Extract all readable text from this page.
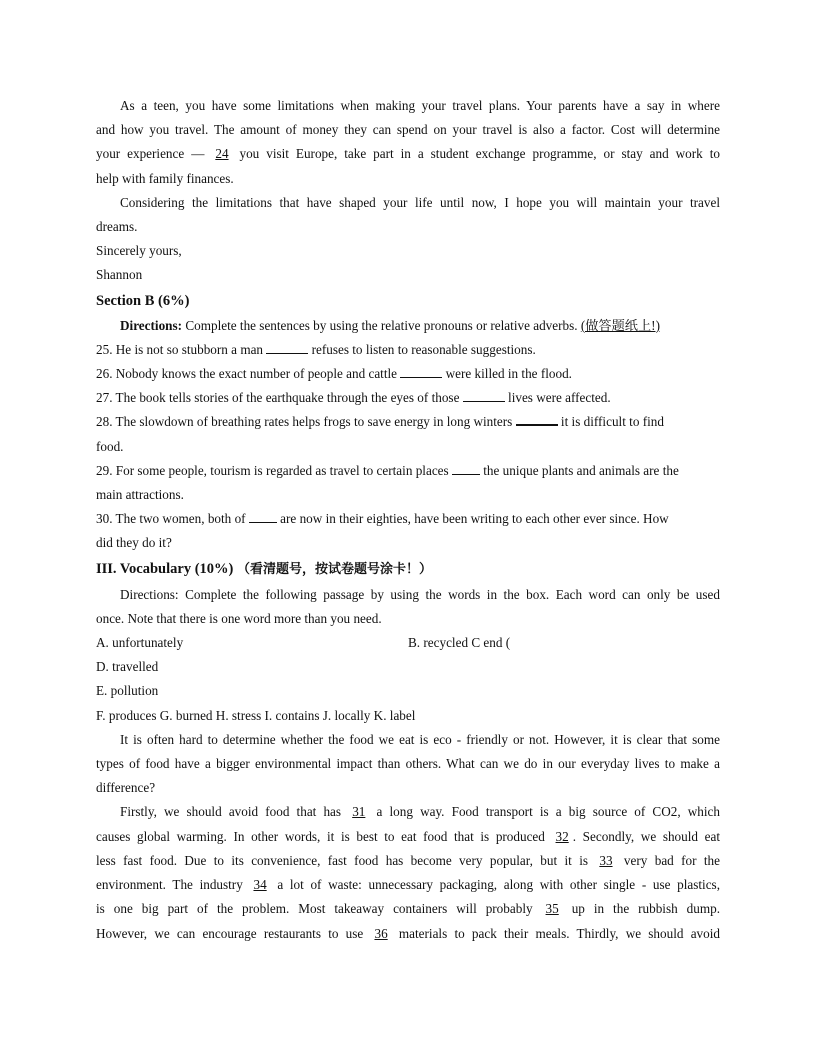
As a teen, you have some limitations when making your travel plans. Your parents have a say in where

and how you travel. The amount of money they can spend on your travel is also a factor. Cost will determine

your experience — 24 you visit Europe, take part in a student exchange programme, or stay and work to

help with family finances.

Considering the limitations that have shaped your life until now, I hope you will maintain your travel

dreams.

Sincerely yours,

Shannon

Section B (6%)

Directions: Complete the sentences by using the relative pronouns or relative adverbs. (做答题纸上!)

25. He is not so stubborn a man	refuses to listen to reasonable suggestions.

26. Nobody knows the exact number of people and cattle	were killed in the flood.

27. The book tells stories of the earthquake through the eyes of those	lives were affected.

28. The slowdown of breathing rates helps frogs to save energy in long winters	it is difficult to find

food.

29. For some people, tourism is regarded as travel to certain places  the unique plants and animals are the

main attractions.

30. The two women, both of  are now in their eighties, have been writing to each other ever since. How

did they do it?

III. Vocabulary (10%) （看清题号，按试卷题号涂卡！）

Directions: Complete the following passage by using the words in the box. Each word can only be used

once. Note that there is one word more than you need.

A. unfortunately	B. recycled C end (

D. travelled

E. pollution

F. produces G. burned H. stress I. contains J. locally K. label

It is often hard to determine whether the food we eat is eco - friendly or not. However, it is clear that some

types of food have a bigger environmental impact than others. What can we do in our everyday lives to make a

difference?

Firstly, we should avoid food that has 31 a long way. Food transport is a big source of CO2, which

causes global warming. In other words, it is best to eat food that is produced 32 . Secondly, we should eat

less fast food. Due to its convenience, fast food has become very popular, but it is 33 very bad for the

environment. The industry 34 a lot of waste: unnecessary packaging, along with other single - use plastics,

is one big part of the problem. Most takeaway containers will probably 35 up in the rubbish dump.

However, we can encourage restaurants to use 36 materials to pack their meals. Thirdly, we should avoid
